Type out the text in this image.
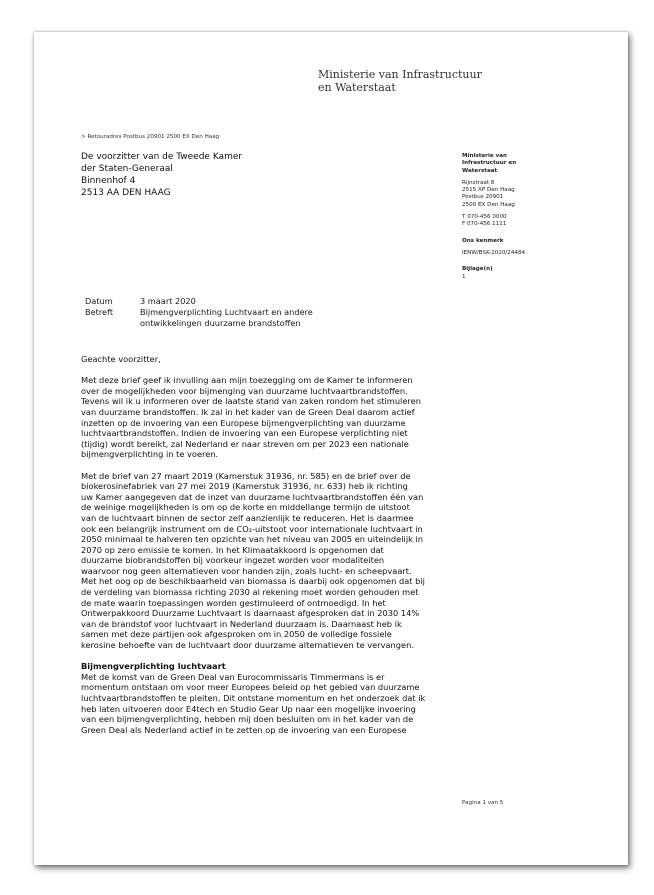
Ministerie van Infrastructuur
en Waterstaat
> Retouradres Postbus 20901 2500 EX Den Haag
De voorzitter van de Tweede Kamer
der Staten-Generaal
Binnenhof 4
2513 AA DEN HAAG
Ministerie van
Infrastructuur en
Waterstaat
Rijnstraat 8
2515 XP Den Haag
Postbus 20901
2500 EX Den Haag
T 070-456 0000
F 070-456 1111
Ons kenmerk
IENW/BSK-2020/24484
Bijlage(n)
1
Datum	3 maart 2020
Betreft	Bijmengverplichting Luchtvaart en andere
ontwikkelingen duurzame brandstoffen

Geachte voorzitter,

Met deze brief geef ik invulling aan mijn toezegging om de Kamer te informeren
over de mogelijkheden voor bijmenging van duurzame luchtvaartbrandstoffen.
Tevens wil ik u informeren over de laatste stand van zaken rondom het stimuleren
van duurzame brandstoffen. Ik zal in het kader van de Green Deal daarom actief
inzetten op de invoering van een Europese bijmengverplichting van duurzame
luchtvaartbrandstoffen. Indien de invoering van een Europese verplichting niet
(tijdig) wordt bereikt, zal Nederland er naar streven om per 2023 een nationale
bijmengverplichting in te voeren.

Met de brief van 27 maart 2019 (Kamerstuk 31936, nr. 585) en de brief over de
biokerosinefabriek van 27 mei 2019 (Kamerstuk 31936, nr. 633) heb ik richting
uw Kamer aangegeven dat de inzet van duurzame luchtvaartbrandstoffen één van
de weinige mogelijkheden is om op de korte en middellange termijn de uitstoot
van de luchtvaart binnen de sector zelf aanzienlijk te reduceren. Het is daarmee
ook een belangrijk instrument om de CO₂-uitstoot voor internationale luchtvaart in
2050 minimaal te halveren ten opzichte van het niveau van 2005 en uiteindelijk in
2070 op zero emissie te komen. In het Klimaatakkoord is opgenomen dat
duurzame biobrandstoffen bij voorkeur ingezet worden voor modaliteiten
waarvoor nog geen alternatieven voor handen zijn, zoals lucht- en scheepvaart.
Met het oog op de beschikbaarheid van biomassa is daarbij ook opgenomen dat bij
de verdeling van biomassa richting 2030 al rekening moet worden gehouden met
de mate waarin toepassingen worden gestimuleerd of ontmoedigd. In het
Ontwerpakkoord Duurzame Luchtvaart is daarnaast afgesproken dat in 2030 14%
van de brandstof voor luchtvaart in Nederland duurzaam is. Daarnaast heb ik
samen met deze partijen ook afgesproken om in 2050 de volledige fossiele
kerosine behoefte van de luchtvaart door duurzame alternatieven te vervangen.

Bijmengverplichting luchtvaart

Met de komst van de Green Deal van Eurocommissaris Timmermans is er
momentum ontstaan om voor meer Europees beleid op het gebied van duurzame
luchtvaartbrandstoffen te pleiten. Dit ontstane momentum en het onderzoek dat ik
heb laten uitvoeren door E4tech en Studio Gear Up naar een mogelijke invoering
van een bijmengverplichting, hebben mij doen besluiten om in het kader van de
Green Deal als Nederland actief in te zetten op de invoering van een Europese

Pagina 1 van 5
